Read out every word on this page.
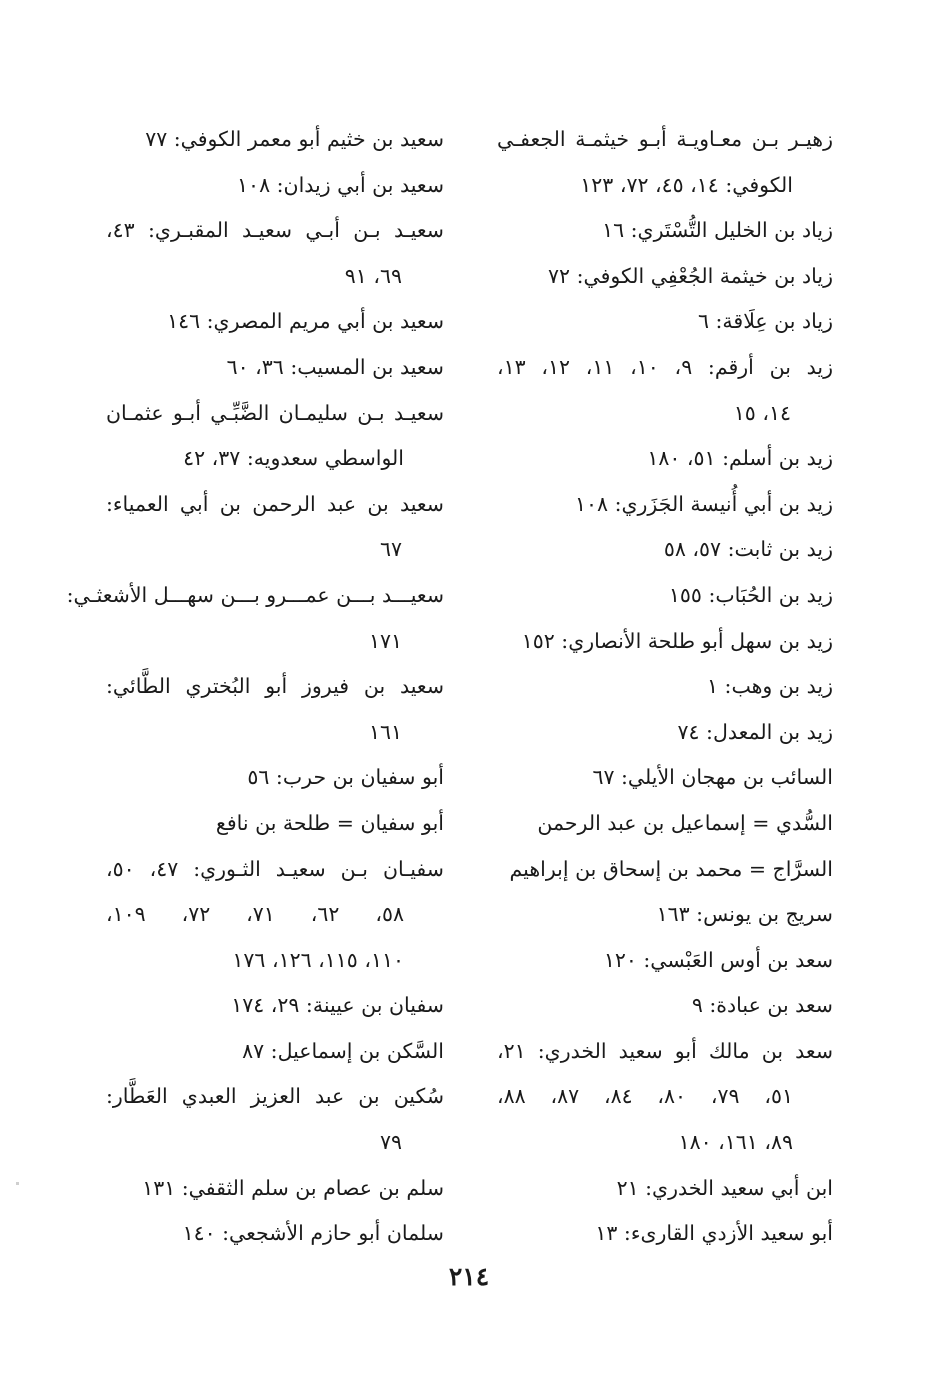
زهيـر بـن معـاويـة أبـو خيثمـة الجعفـي
الكوفي: ١٤، ٤٥، ٧٢، ١٢٣
زياد بن الخليل التُّسْتَري: ١٦
زياد بن خيثمة الجُعْفِي الكوفي: ٧٢
زياد بن عِلَاقة: ٦
زيد بن أرقم: ٩، ١٠، ١١، ١٢، ١٣،
١٤، ١٥
زيد بن أسلم: ٥١، ١٨٠
زيد بن أبي أُنيسة الجَزَري: ١٠٨
زيد بن ثابت: ٥٧، ٥٨
زيد بن الحُبَاب: ١٥٥
زيد بن سهل أبو طلحة الأنصاري: ١٥٢
زيد بن وهب: ١
زيد بن المعدل: ٧٤
السائب بن مهجان الأيلي: ٦٧
السُّدي = إسماعيل بن عبد الرحمن
السرَّاج = محمد بن إسحاق بن إبراهيم
سريج بن يونس: ١٦٣
سعد بن أوس العَبْسي: ١٢٠
سعد بن عبادة: ٩
سعد بن مالك أبو سعيد الخدري: ٢١،
٥١، ٧٩، ٨٠، ٨٤، ٨٧، ٨٨،
٨٩، ١٦١، ١٨٠
ابن أبي سعيد الخدري: ٢١
أبو سعيد الأزدي القارىء: ١٣
سعيد بن خثيم أبو معمر الكوفي: ٧٧
سعيد بن أبي زيدان: ١٠٨
سعيـد بـن أبـي سعيـد المقبـري: ٤٣،
٦٩، ٩١
سعيد بن أبي مريم المصري: ١٤٦
سعيد بن المسيب: ٣٦، ٦٠
سعيـد بـن سليمـان الضَّبِّـي أبـو عثمـان
الواسطي سعدويه: ٣٧، ٤٢
سعيد بن عبد الرحمن بن أبي العمياء:
٦٧
سعيـــد بـــن عمـــرو بـــن سهـــل الأشعثـي:
١٧١
سعيد بن فيروز أبو البُختري الطَّائي:
١٦١
أبو سفيان بن حرب: ٥٦
أبو سفيان = طلحة بن نافع
سفيـان بـن سعيـد الثـوري: ٤٧، ٥٠،
٥٨، ٦٢، ٧١، ٧٢، ١٠٩،
١١٠، ١١٥، ١٢٦، ١٧٦
سفيان بن عيينة: ٢٩، ١٧٤
السَّكن بن إسماعيل: ٨٧
سُكين بن عبد العزيز العبدي العَطَّار:
٧٩
سلم بن عصام بن سلم الثقفي: ١٣١
سلمان أبو حازم الأشجعي: ١٤٠
٢١٤
